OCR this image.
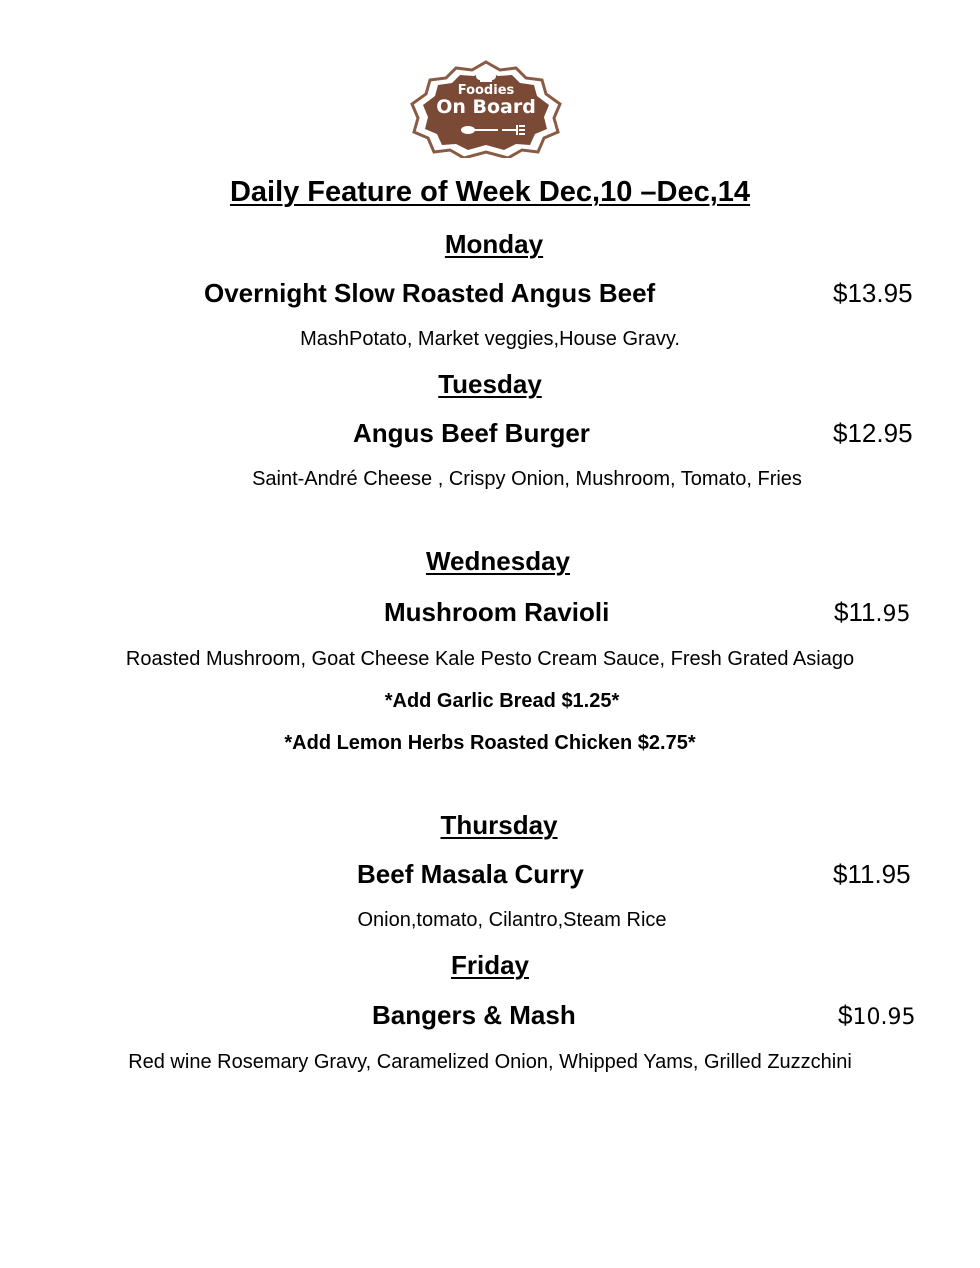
Foodies
On Board
Daily Feature of Week Dec,10 –Dec,14
Monday
Overnight Slow Roasted Angus Beef	$13.95
MashPotato, Market veggies,House Gravy.
Tuesday
Angus Beef Burger	$12.95
Saint-André Cheese , Crispy Onion, Mushroom, Tomato, Fries
Wednesday
Mushroom Ravioli	$11.95
Roasted Mushroom, Goat Cheese Kale Pesto Cream Sauce, Fresh Grated Asiago
*Add Garlic Bread $1.25*
*Add Lemon Herbs Roasted Chicken $2.75*
Thursday
Beef Masala Curry	$11.95
Onion,tomato, Cilantro,Steam Rice
Friday
Bangers & Mash	$10.95
Red wine Rosemary Gravy, Caramelized Onion, Whipped Yams, Grilled Zuzzchini
